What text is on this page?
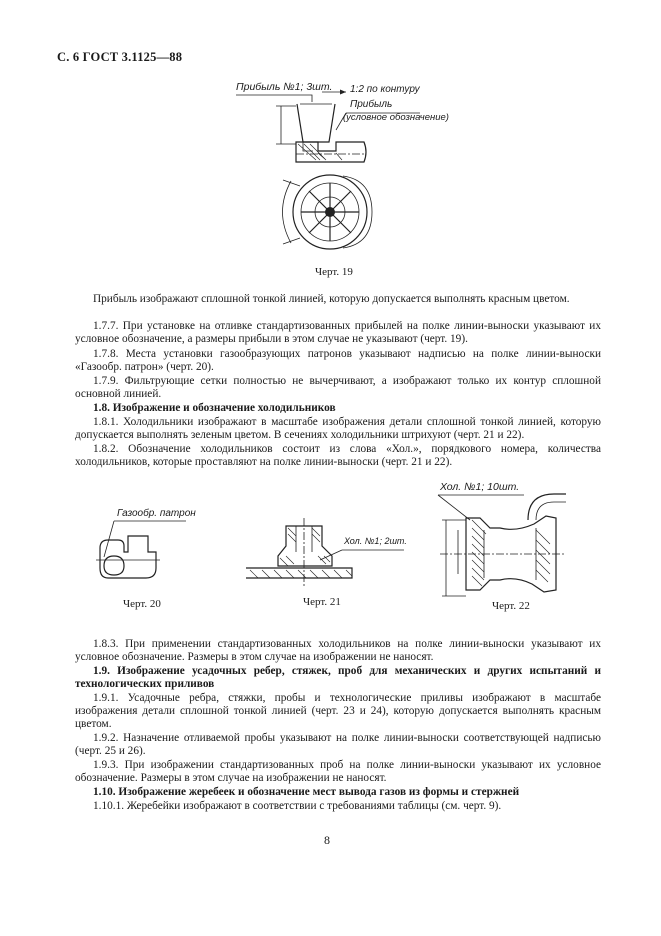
С. 6 ГОСТ 3.1125—88
Прибыль №1; 3шт. 1:2 по контуру
Прибыль
(условное обозначение)
Черт. 19
Прибыль изображают сплошной тонкой линией, которую допускается выполнять красным цветом.
1.7.7. При установке на отливке стандартизованных прибылей на полке линии-выноски указывают их условное обозначение, а размеры прибыли в этом случае не указывают (черт. 19).
1.7.8. Места установки газообразующих патронов указывают надписью на полке линии-выноски «Газообр. патрон» (черт. 20).
1.7.9. Фильтрующие сетки полностью не вычерчивают, а изображают только их контур сплошной основной линией.
1.8. Изображение и обозначение холодильников
1.8.1. Холодильники изображают в масштабе изображения детали сплошной тонкой линией, которую допускается выполнять зеленым цветом. В сечениях холодильники штрихуют (черт. 21 и 22).
1.8.2. Обозначение холодильников состоит из слова «Хол.», порядкового номера, количества холодильников, которые проставляют на полке линии-выноски (черт. 21 и 22).
Газообр. патрон
Черт. 20
Хол. №1; 2шт.
Черт. 21
Хол. №1; 10шт.
Черт. 22
1.8.3. При применении стандартизованных холодильников на полке линии-выноски указывают их условное обозначение. Размеры в этом случае на изображении не наносят.
1.9. Изображение усадочных ребер, стяжек, проб для механических и других испытаний и технологических приливов
1.9.1. Усадочные ребра, стяжки, пробы и технологические приливы изображают в масштабе изображения детали сплошной тонкой линией (черт. 23 и 24), которую допускается выполнять красным цветом.
1.9.2. Назначение отливаемой пробы указывают на полке линии-выноски соответствующей надписью (черт. 25 и 26).
1.9.3. При изображении стандартизованных проб на полке линии-выноски указывают их условное обозначение. Размеры в этом случае на изображении не наносят.
1.10. Изображение жеребеек и обозначение мест вывода газов из формы и стержней
1.10.1. Жеребейки изображают в соответствии с требованиями таблицы (см. черт. 9).
8
